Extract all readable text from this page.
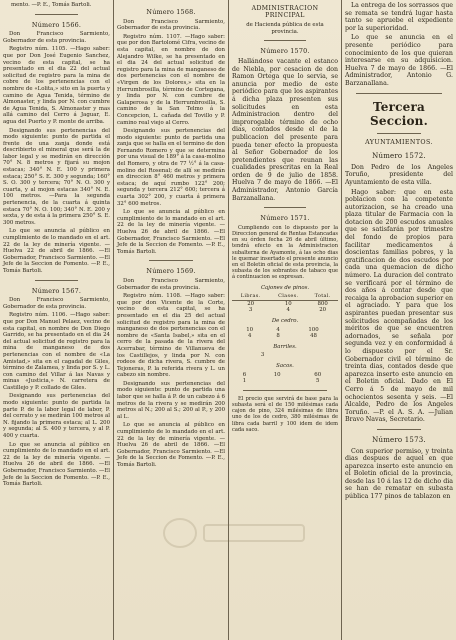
mento. —P. E., Tomás Bartoli.

Número 1566.

Don Francisco Sarmiento, Gobernador de esta provincia.

Registro núm. 1105. —Hago saber: que por Don José Eugenio Sanchez, vecino de esta capital, se ha presentado en el dia 22 del actual solicitud de registro para la mina de cobre de los pertenencias con el nombre de «Lolita,» sito en la puerta y camino de Agua Tenida, término de Almonaster, y linda por N. con cumbre de Agua Tenida, S. Almonaster y mas allá camino del Cerro á Jaguar, E. agua del Puerto y P. monte de arriba.

Designando sus pertenencias del modo siguiente: punto de partida el frente de una zanja donde está describierto el mineral que será la de labor legal y se medirán en dirección 70° N. 8 metros y fijará su mojon estacas; 340° N. E. 100 y primera estaca; 250° S. E. 300 y segunda; 160° S. O. 300 y tercera; 70° N. O. 300 y cuarta, y al mojon estacas 340° N. E. 100 metros. —Para la segunda pertenencia, de la cuarta á quinta estaca 70° N. O. 100; 340° N. E. 200 y sexta, y de esta á la primera 250° S. E. 300 metros.

Lo que se anuncia al público en cumplimiento de lo mandado en el art. 22 de la ley de minería vigente. —Huelva 22 de abril de 1866. —El Gobernador, Francisco Sarmiento. —El Jefe de la Seccion de Fomento. —P. E., Tomás Bartoli.

Número 1567.

Don Francisco Sarmiento, Gobernador de esta provincia.

Registro núm. 1106. —Hago saber: que por Don Manuel Pelaez, vecino de esta capital, en nombre de Don Diego Garrido, se ha presentado en el dia 24 del actual solicitud de registro para la mina de manganeso de dos pertenencias con el nombre de «La Amistad,» sita en el cagadal de Giles, término de Zalamea, y linda por S. y L. con camino del Villar á las Navas y minas «Justicia,» N. carretera de Castillejo y P. collado de Giles.

Designando sus pertenencias del modo siguiente: punto de partida la parte P. de la labor legal de labor, P. del cerrato y se medirán 100 metros al N. fijando la primera estaca; al L. 200 y segunda; al S. 400 y tercera, y al P. 400 y cuarta.

Lo que se anuncia al público en cumplimiento de lo mandado en el art. 22 de la ley de minería vigente. —Huelva 26 de abril de 1866. —El Gobernador, Francisco Sarmiento. —El Jefe de la Seccion de Fomento. —P. E., Tomás Bartoli.

Número 1568.

Don Francisco Sarmiento, Gobernador de esta provincia.

Registro núm. 1107. —Hago saber: que por don Bartolomé Cifra, vecino de esta capital, en nombre de don Alejandro Wilke, se ha presentado en el dia 24 del actual solicitud de registro para la mina de manganeso de dos pertenencias con el nombre de «Virgen de los Dolores,» sita en la Herrumbrosilla, término de Cortegana, y linda por N. con cumbre de Galaperosa y de la Herrumbrosilla, S. camino de la San Telmo á la Concepcion, L. cañada del Tovillo y P. camino real viejo al Cerro.

Designando sus pertenencias del modo siguiente: punto de partida una zanja que se halla en el termino de don Fernando Romero y que se determina por una visual de 189° á la casa-molino del Romero, y otra de 77 ½° á la casa-molino del Rosenal; de allí se medirán en direccion 8° 460 metros y primera estaca; de aquí rumbo 122° 200; segunda y tercera 212° 600; tercera á cuarta 302° 200, y cuarta á primera 32° 600 metros.

Lo que se anuncia al público en cumplimiento de lo mandado en el art. 22 de la ley de minería vigente. —Huelva 26 de abril de 1866. —El Gobernador, Francisco Sarmiento. —El Jefe de la Seccion de Fomento. —P. E., Tomás Bartoli.

Número 1569.

Don Francisco Sarmiento, Gobernador de esta provincia.

Registro núm. 1108. —Hago saber: que por don Vicente de la Corte, vecino de esta capital, se ha presentado en el dia 25 del actual solicitud de registro para la mina de manganeso de dos pertenencias con el nombre de «Santa Isabel,» sita en el cerro de la pasada de la rivera del Acerrabar, término de Villanueva de los Castillejos, y linda por N. con rodeos de dicha rivera, S. cumbre de Tejoneras, P. la referida rivera y L. un cabezo sin nombre.

Designando sus pertenencias del modo siguiente: punto de partida una labor que se halla á P. de un cabezo á 6 metros de la rivera y se medirán 200 metros al N.; 200 al S.; 200 al P., y 200 al L.

Lo que se anuncia al público en cumplimiento de lo mandado en el art. 22 de la ley de minería vigente. —Huelva 26 de abril de 1866. —El Gobernador, Francisco Sarmiento. —El Jefe de la Seccion de Fomento. —P. E., Tomás Bartoli.

ADMINISTRACION PRINCIPAL

de Hacienda pública de esta provincia.

Número 1570.

Hallándose vacante el estanco de Niebla, por cesacion de don Ramon Ortega que lo servia, se anuncia por medio de este periódico para que los aspirantes á dicha plaza presenten sus solicitudes en esta Administracion dentro del improrogable término de ocho dias, contados desde el de la publicacion del presente para pueda tener efecto la propuesta al Señor Gobernador de los pretendientes que reunan las cualidades prescritas en la Real orden de 9 de julio de 1858. Huelva 7 de mayo de 1866. —El Administrador, Antonio García Barzanallana.

Número 1571.

Cumpliendo con lo dispuesto por la Direccion general de Rentas Estancadas en su órden fecha 26 de abril último, tendrá efecto en la Administracion subalterna de Ayamonte, á las ocho dias le quemar insertado el presente anuncio en el Boletin oficial de esta provincia, la subasta de los sobrantes de tabaco que á continuacion se expresan.

Cajones de pinos.

Libras.	Clases.	Total.
20	10	800
3	4	20

De cedro.

10	4	100
4	8	48

Barriles.

3		

Sacos.

6	10	60
1		5

El precio que servirá de base para la subasta será el de 150 milésimas cada cajon de pino, 324 milésimas de libra uno de los de cedro, 380 milésimas de libra cada barril y 100 idem de idem cada saco.

La entrega de los sorrassos que se remata se tendrá lugar hasta tanto se apruebe el expediente por la superioridad.

Lo que se anuncia en el presente periódico para conocimiento de los que quieran interesarse en su adquisicion. Huelva 7 de mayo de 1866. —El Administrador, Antonio G. Barzanallana.

Tercera Seccion.

AYUNTAMIENTOS.

Número 1572.

Don Pedro de los Angeles Toruño, presidente del Ayuntamiento de esta villa.

Hago saber: que en esta poblacion con la competente autorizacion, se ha creado una plaza titular de Farmacia con la dotacion de 200 escudos anuales que se satisfarán por trimestre del fondo de propios para facilitar medicamentos á doscientas familias pobres, y la gratificacion de dos escudos por cada una quemacion de dicho número. La duracion del contrato se verificará por el término de dos años á contar desde que recaiga la aprobacion superior en el agraciado. Y para que los aspirantes puedan presentar sus solicitudes acompañadas de los méritos de que se encuentren adornados, se señala por segunda vez y en conformidad á lo dispuesto por el Sr. Gobernador civil el término de treinta dias, contados desde que aparezca inserto este anuncio en el Boletin oficial. Dado en El Cerro á 5 de mayo de mil ochocientos sesenta y seis. —El Alcalde, Pedro de los Angeles Toruño. —P. el A. S. A. —Julian Bravo Navas, Secretario.

Número 1573.

Con superior permiso, y treinta dias despues de aquel en que aparezca inserto este anuncio en el Boletin oficial de la provincia, desde las 10 á las 12 de dicho dia se han de rematar en subasta pública 177 pinos de tablazon en
